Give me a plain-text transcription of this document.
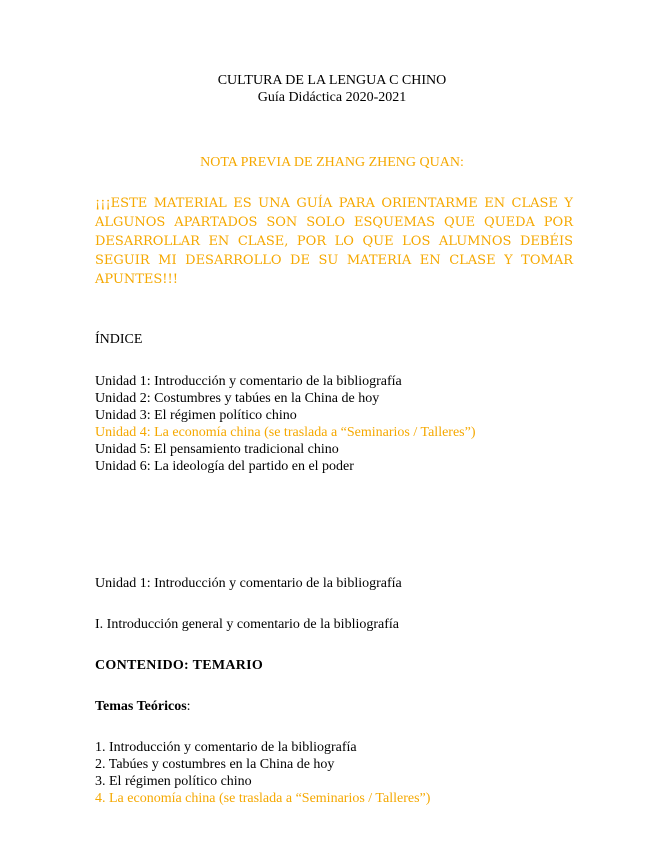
CULTURA DE LA LENGUA C CHINO
Guía Didáctica 2020-2021
NOTA PREVIA DE ZHANG ZHENG QUAN:
¡¡¡ESTE MATERIAL ES UNA GUÍA PARA ORIENTARME EN CLASE Y ALGUNOS APARTADOS SON SOLO ESQUEMAS QUE QUEDA POR DESARROLLAR EN CLASE, POR LO QUE LOS ALUMNOS DEBÉIS SEGUIR MI DESARROLLO DE SU MATERIA EN CLASE Y TOMAR APUNTES!!!
ÍNDICE
Unidad 1: Introducción y comentario de la bibliografía
Unidad 2: Costumbres y tabúes en la China de hoy
Unidad 3: El régimen político chino
Unidad 4: La economía china (se traslada a “Seminarios / Talleres”)
Unidad 5: El pensamiento tradicional chino
Unidad 6: La ideología del partido en el poder
Unidad 1: Introducción y comentario de la bibliografía
I. Introducción general y comentario de la bibliografía
CONTENIDO: TEMARIO
Temas Teóricos:
1. Introducción y comentario de la bibliografía
2. Tabúes y costumbres en la China de hoy
3. El régimen político chino
4. La economía china (se traslada a “Seminarios / Talleres”)
